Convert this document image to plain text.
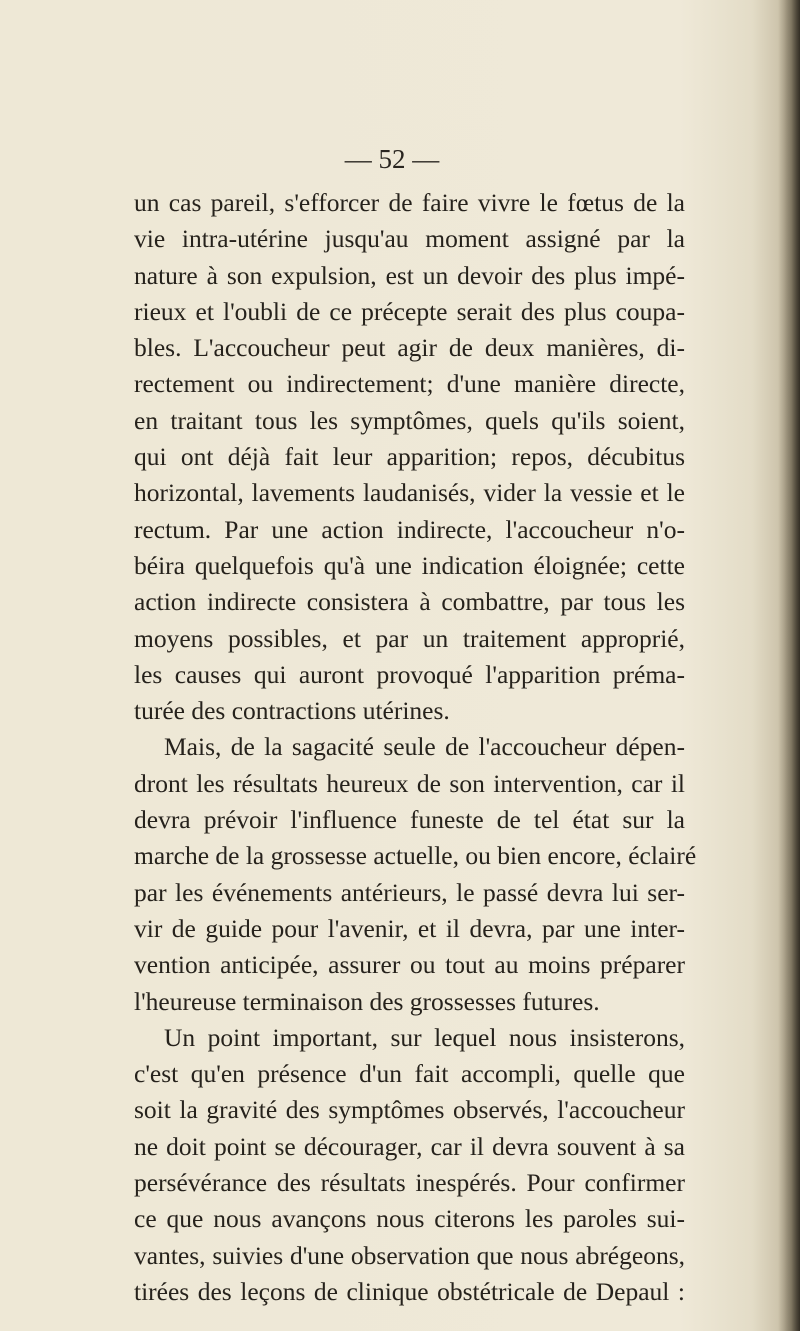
— 52 —
un cas pareil, s'efforcer de faire vivre le fœtus de la
vie intra-utérine jusqu'au moment assigné par la
nature à son expulsion, est un devoir des plus impé-
rieux et l'oubli de ce précepte serait des plus coupa-
bles. L'accoucheur peut agir de deux manières, di-
rectement ou indirectement; d'une manière directe,
en traitant tous les symptômes, quels qu'ils soient,
qui ont déjà fait leur apparition; repos, décubitus
horizontal, lavements laudanisés, vider la vessie et le
rectum. Par une action indirecte, l'accoucheur n'o-
béira quelquefois qu'à une indication éloignée; cette
action indirecte consistera à combattre, par tous les
moyens possibles, et par un traitement approprié,
les causes qui auront provoqué l'apparition préma-
turée des contractions utérines.
Mais, de la sagacité seule de l'accoucheur dépen-
dront les résultats heureux de son intervention, car il
devra prévoir l'influence funeste de tel état sur la
marche de la grossesse actuelle, ou bien encore, éclairé
par les événements antérieurs, le passé devra lui ser-
vir de guide pour l'avenir, et il devra, par une inter-
vention anticipée, assurer ou tout au moins préparer
l'heureuse terminaison des grossesses futures.
Un point important, sur lequel nous insisterons,
c'est qu'en présence d'un fait accompli, quelle que
soit la gravité des symptômes observés, l'accoucheur
ne doit point se décourager, car il devra souvent à sa
persévérance des résultats inespérés. Pour confirmer
ce que nous avançons nous citerons les paroles sui-
vantes, suivies d'une observation que nous abrégeons,
tirées des leçons de clinique obstétricale de Depaul :
